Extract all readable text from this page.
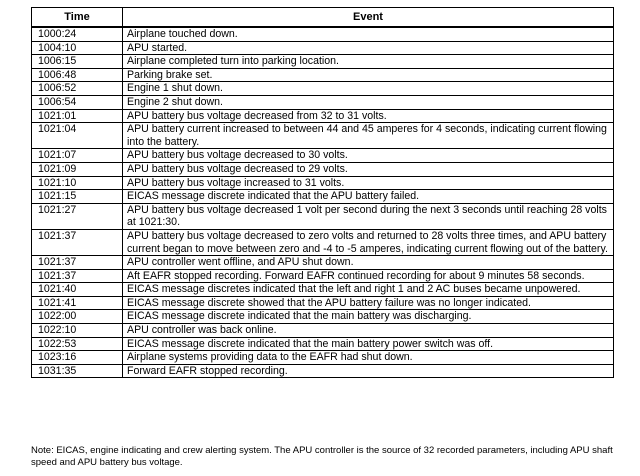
Time	Event
1000:24	Airplane touched down.
1004:10	APU started.
1006:15	Airplane completed turn into parking location.
1006:48	Parking brake set.
1006:52	Engine 1 shut down.
1006:54	Engine 2 shut down.
1021:01	APU battery bus voltage decreased from 32 to 31 volts.
1021:04	APU battery current increased to between 44 and 45 amperes for 4 seconds, indicating current flowing into the battery.
1021:07	APU battery bus voltage decreased to 30 volts.
1021:09	APU battery bus voltage decreased to 29 volts.
1021:10	APU battery bus voltage increased to 31 volts.
1021:15	EICAS message discrete indicated that the APU battery failed.
1021:27	APU battery bus voltage decreased 1 volt per second during the next 3 seconds until reaching 28 volts at 1021:30.
1021:37	APU battery bus voltage decreased to zero volts and returned to 28 volts three times, and APU battery current began to move between zero and -4 to -5 amperes, indicating current flowing out of the battery.
1021:37	APU controller went offline, and APU shut down.
1021:37	Aft EAFR stopped recording. Forward EAFR continued recording for about 9 minutes 58 seconds.
1021:40	EICAS message discretes indicated that the left and right 1 and 2 AC buses became unpowered.
1021:41	EICAS message discrete showed that the APU battery failure was no longer indicated.
1022:00	EICAS message discrete indicated that the main battery was discharging.
1022:10	APU controller was back online.
1022:53	EICAS message discrete indicated that the main battery power switch was off.
1023:16	Airplane systems providing data to the EAFR had shut down.
1031:35	Forward EAFR stopped recording.
Note: EICAS, engine indicating and crew alerting system. The APU controller is the source of 32 recorded parameters, including APU shaft speed and APU battery bus voltage.
